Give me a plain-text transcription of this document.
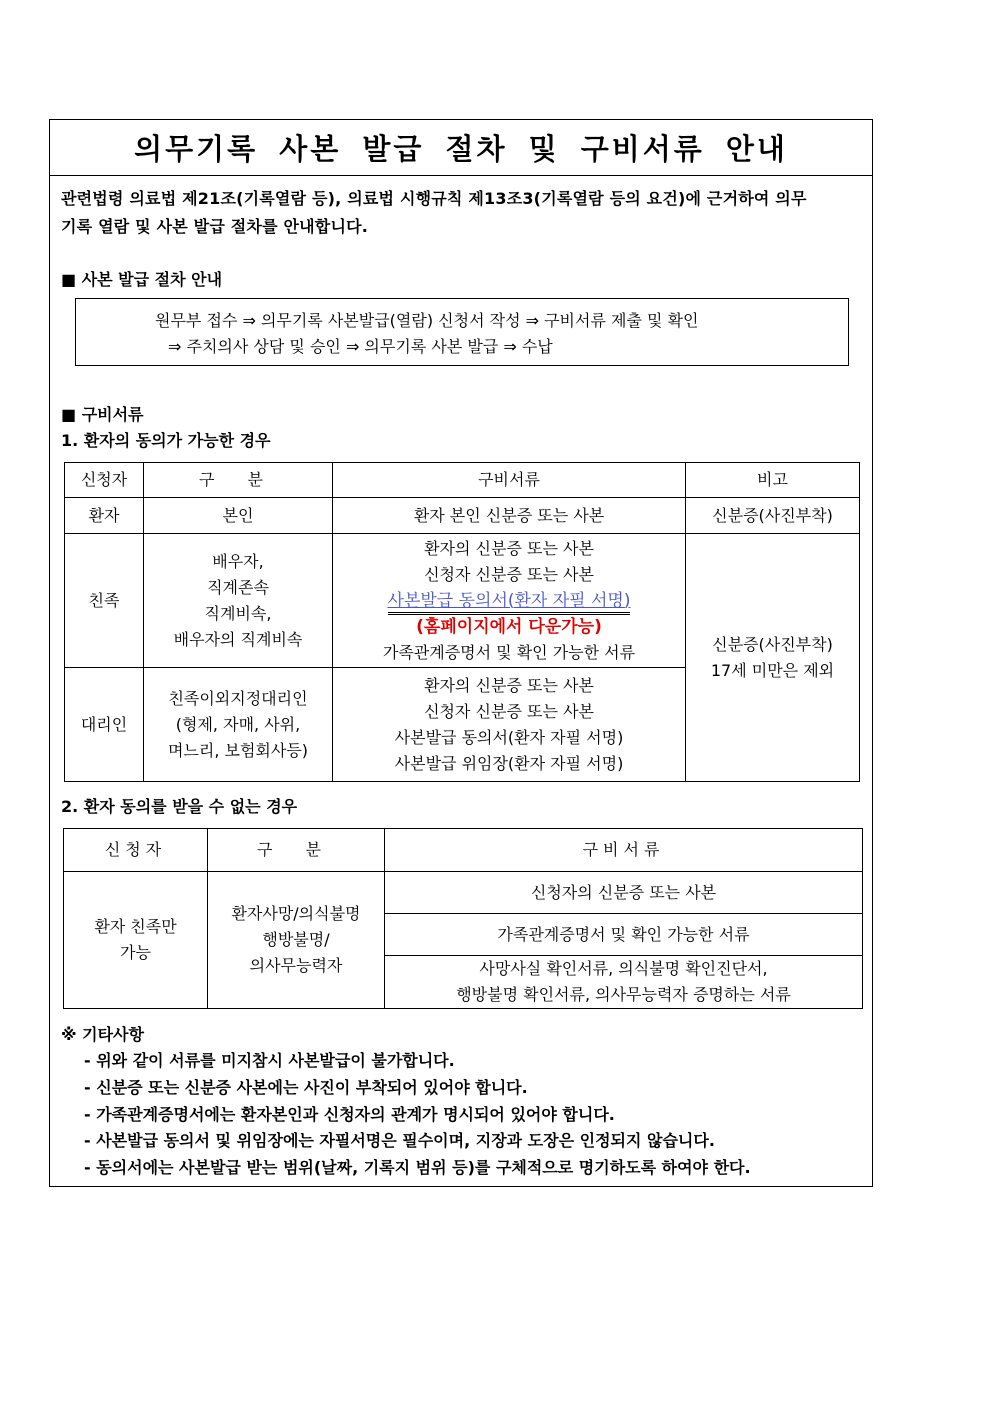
의무기록 사본 발급 절차 및 구비서류 안내
관련법령 의료법 제21조(기록열람 등), 의료법 시행규칙 제13조3(기록열람 등의 요건)에 근거하여 의무
기록 열람 및 사본 발급 절차를 안내합니다.
■ 사본 발급 절차 안내
원무부 접수 ⇒ 의무기록 사본발급(열람) 신청서 작성 ⇒ 구비서류 제출 및 확인
⇒ 주치의사 상담 및 승인 ⇒ 의무기록 사본 발급 ⇒ 수납
■ 구비서류
1. 환자의 동의가 가능한 경우
신청자	구 분	구비서류	비고
환자	본인	환자 본인 신분증 또는 사본	신분증(사진부착)
친족	배우자,
직계존속
직계비속,
배우자의 직계비속	환자의 신분증 또는 사본
신청자 신분증 또는 사본
사본발급 동의서(환자 자필 서명)
(홈페이지에서 다운가능)
가족관계증명서 및 확인 가능한 서류	신분증(사진부착)
17세 미만은 제외

대리인	친족이외지정대리인
(형제, 자매, 사위,
며느리, 보험회사등)	환자의 신분증 또는 사본
신청자 신분증 또는 사본
사본발급 동의서(환자 자필 서명)
사본발급 위임장(환자 자필 서명)	
2. 환자 동의를 받을 수 없는 경우
신청자	구 분	구비서류

환자 친족만
가능	환자사망/의식불명
행방불명/
의사무능력자	신청자의 신분증 또는 사본
		가족관계증명서 및 확인 가능한 서류

		사망사실 확인서류, 의식불명 확인진단서,
행방불명 확인서류, 의사무능력자 증명하는 서류
※ 기타사항
- 위와 같이 서류를 미지참시 사본발급이 불가합니다.
- 신분증 또는 신분증 사본에는 사진이 부착되어 있어야 합니다.
- 가족관계증명서에는 환자본인과 신청자의 관계가 명시되어 있어야 합니다.
- 사본발급 동의서 및 위임장에는 자필서명은 필수이며, 지장과 도장은 인정되지 않습니다.
- 동의서에는 사본발급 받는 범위(날짜, 기록지 범위 등)를 구체적으로 명기하도록 하여야 한다.
